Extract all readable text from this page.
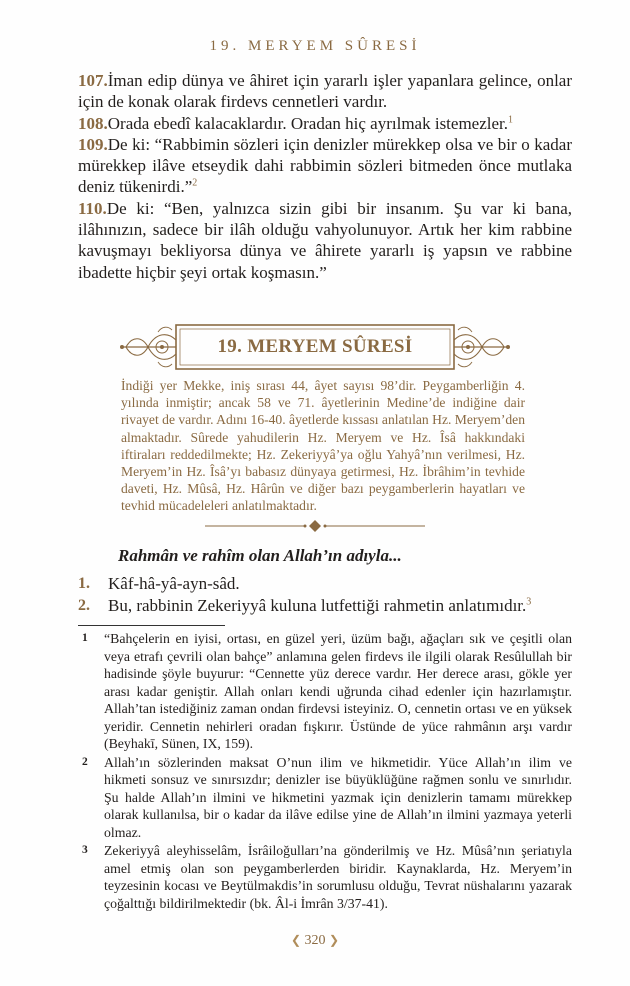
19. MERYEM SÛRESİ

107.İman edip dünya ve âhiret için yararlı işler yapanlara gelince, onlar için de konak olarak firdevs cennetleri vardır.

108.Orada ebedî kalacaklardır. Oradan hiç ayrılmak istemezler.$^1$

109.De ki: “Rabbimin sözleri için denizler mürekkep olsa ve bir o kadar mürekkep ilâve etseydik dahi rabbimin sözleri bitmeden önce mutlaka deniz tükenirdi.”$^2$

110.De ki: “Ben, yalnızca sizin gibi bir insanım. Şu var ki bana, ilâhınızın, sadece bir ilâh olduğu vahyolunuyor. Artık her kim rabbine kavuşmayı bekliyorsa dünya ve âhirete yararlı iş yapsın ve rabbine ibadette hiçbir şeyi ortak koşmasın.”

19. MERYEM SÛRESİ

İndiği yer Mekke, iniş sırası 44, âyet sayısı 98’dir. Peygamberliğin 4. yılında inmiştir; ancak 58 ve 71. âyetlerinin Medine’de indiğine dair rivayet de vardır. Adını 16-40. âyetlerde kıssası anlatılan Hz. Meryem’den almaktadır. Sûrede yahudilerin Hz. Meryem ve Hz. Îsâ hakkındaki iftiraları reddedilmekte; Hz. Zekeriyyâ’ya oğlu Yahyâ’nın verilmesi, Hz. Meryem’in Hz. Îsâ’yı babasız dünyaya getirmesi, Hz. İbrâhim’in tevhide daveti, Hz. Mûsâ, Hz. Hârûn ve diğer bazı peygamberlerin hayatları ve tevhid mücadeleleri anlatılmaktadır.

Rahmân ve rahîm olan Allah’ın adıyla...
1. Kâf-hâ-yâ-ayn-sâd.
2. Bu, rabbinin Zekeriyyâ kuluna lutfettiği rahmetin anlatımıdır.$^3$
1 “Bahçelerin en iyisi, ortası, en güzel yeri, üzüm bağı, ağaçları sık ve çeşitli olan veya etrafı çevrili olan bahçe” anlamına gelen firdevs ile ilgili olarak Resûlullah bir hadisinde şöyle buyurur: “Cennette yüz derece vardır. Her derece arası, gökle yer arası kadar geniştir. Allah onları kendi uğrunda cihad edenler için hazırlamıştır. Allah’tan istediğiniz zaman ondan firdevsi isteyiniz. O, cennetin ortası ve en yüksek yeridir. Cennetin nehirleri oradan fışkırır. Üstünde de yüce rahmânın arşı vardır (Beyhakī, Sünen, IX, 159).
2 Allah’ın sözlerinden maksat O’nun ilim ve hikmetidir. Yüce Allah’ın ilim ve hikmeti sonsuz ve sınırsızdır; denizler ise büyüklüğüne rağmen sonlu ve sınırlıdır. Şu halde Allah’ın ilmini ve hikmetini yazmak için denizlerin tamamı mürekkep olarak kullanılsa, bir o kadar da ilâve edilse yine de Allah’ın ilmini yazmaya yeterli olmaz.
3 Zekeriyyâ aleyhisselâm, İsrâiloğulları’na gönderilmiş ve Hz. Mûsâ’nın şeriatıyla amel etmiş olan son peygamberlerden biridir. Kaynaklarda, Hz. Meryem’in teyzesinin kocası ve Beytülmakdis’in sorumlusu olduğu, Tevrat nüshalarını yazarak çoğalttığı bildirilmektedir (bk. Âl-i İmrân 3/37-41).
❮ 320 ❯
